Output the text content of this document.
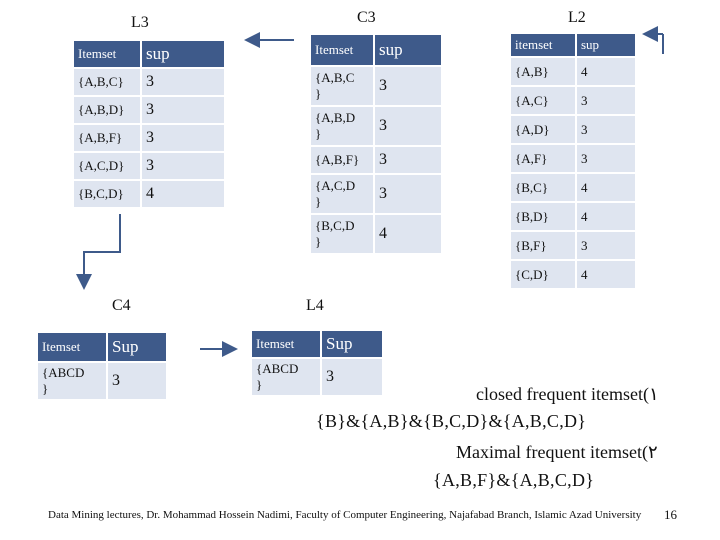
L3	C3	L2
C4	L4
Itemset	sup
{A,B,C}	3
{A,B,D}	3
{A,B,F}	3
{A,C,D}	3
{B,C,D}	4
Itemset	sup
{A,B,C
}	3
{A,B,D
}	3
{A,B,F}	3
{A,C,D
}	3
{B,C,D
}	4
itemset	sup
{A,B}	4
{A,C}	3
{A,D}	3
{A,F}	3
{B,C}	4
{B,D}	4
{B,F}	3
{C,D}	4
Itemset	Sup
{ABCD
}	3
Itemset	Sup
{ABCD
}	3
closed frequent itemset(١
{B}&{A,B}&{B,C,D}&{A,B,C,D}
Maximal frequent itemset(٢
{A,B,F}&{A,B,C,D}
Data Mining lectures, Dr. Mohammad Hossein Nadimi, Faculty of Computer Engineering, Najafabad Branch, Islamic Azad University 16
